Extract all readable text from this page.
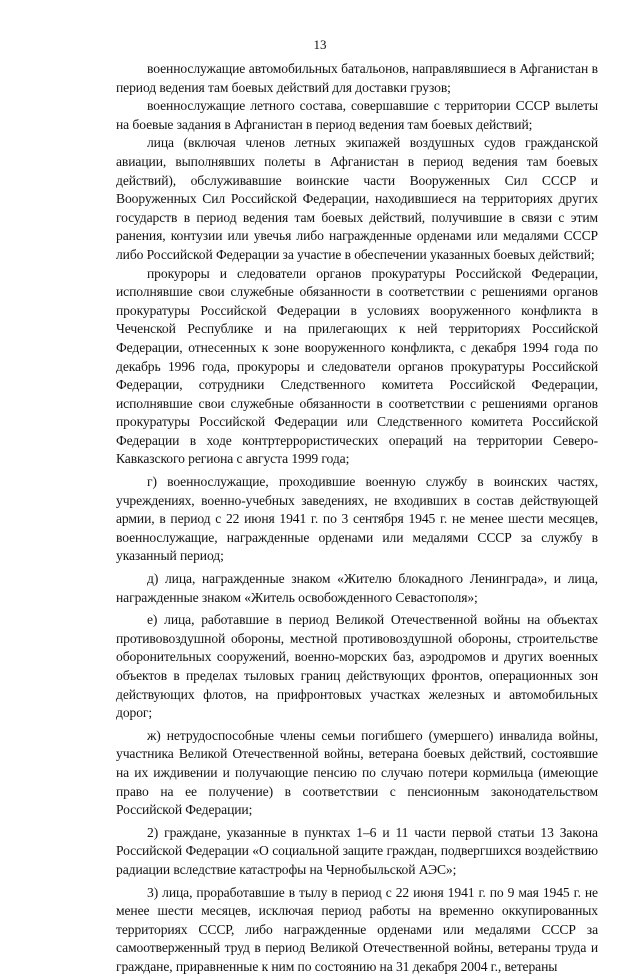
13

военнослужащие автомобильных батальонов, направлявшиеся в Афганистан в период ведения там боевых действий для доставки грузов;

военнослужащие летного состава, совершавшие с территории СССР вылеты на боевые задания в Афганистан в период ведения там боевых действий;

лица (включая членов летных экипажей воздушных судов гражданской авиации, выполнявших полеты в Афганистан в период ведения там боевых действий), обслуживавшие воинские части Вооруженных Сил СССР и Вооруженных Сил Российской Федерации, находившиеся на территориях других государств в период ведения там боевых действий, получившие в связи с этим ранения, контузии или увечья либо награжденные орденами или медалями СССР либо Российской Федерации за участие в обеспечении указанных боевых действий;

прокуроры и следователи органов прокуратуры Российской Федерации, исполнявшие свои служебные обязанности в соответствии с решениями органов прокуратуры Российской Федерации в условиях вооруженного конфликта в Чеченской Республике и на прилегающих к ней территориях Российской Федерации, отнесенных к зоне вооруженного конфликта, с декабря 1994 года по декабрь 1996 года, прокуроры и следователи органов прокуратуры Российской Федерации, сотрудники Следственного комитета Российской Федерации, исполнявшие свои служебные обязанности в соответствии с решениями органов прокуратуры Российской Федерации или Следственного комитета Российской Федерации в ходе контртеррористических операций на территории Северо-Кавказского региона с августа 1999 года;

г) военнослужащие, проходившие военную службу в воинских частях, учреждениях, военно-учебных заведениях, не входивших в состав действующей армии, в период с 22 июня 1941 г. по 3 сентября 1945 г. не менее шести месяцев, военнослужащие, награжденные орденами или медалями СССР за службу в указанный период;

д) лица, награжденные знаком «Жителю блокадного Ленинграда», и лица, награжденные знаком «Житель освобожденного Севастополя»;

е) лица, работавшие в период Великой Отечественной войны на объектах противовоздушной обороны, местной противовоздушной обороны, строительстве оборонительных сооружений, военно-морских баз, аэродромов и других военных объектов в пределах тыловых границ действующих фронтов, операционных зон действующих флотов, на прифронтовых участках железных и автомобильных дорог;

ж) нетрудоспособные члены семьи погибшего (умершего) инвалида войны, участника Великой Отечественной войны, ветерана боевых действий, состоявшие на их иждивении и получающие пенсию по случаю потери кормильца (имеющие право на ее получение) в соответствии с пенсионным законодательством Российской Федерации;

2) граждане, указанные в пунктах 1–6 и 11 части первой статьи 13 Закона Российской Федерации «О социальной защите граждан, подвергшихся воздействию радиации вследствие катастрофы на Чернобыльской АЭС»;

3) лица, проработавшие в тылу в период с 22 июня 1941 г. по 9 мая 1945 г. не менее шести месяцев, исключая период работы на временно оккупированных территориях СССР, либо награжденные орденами или медалями СССР за самоотверженный труд в период Великой Отечественной войны, ветераны труда и граждане, приравненные к ним по состоянию на 31 декабря 2004 г., ветераны
